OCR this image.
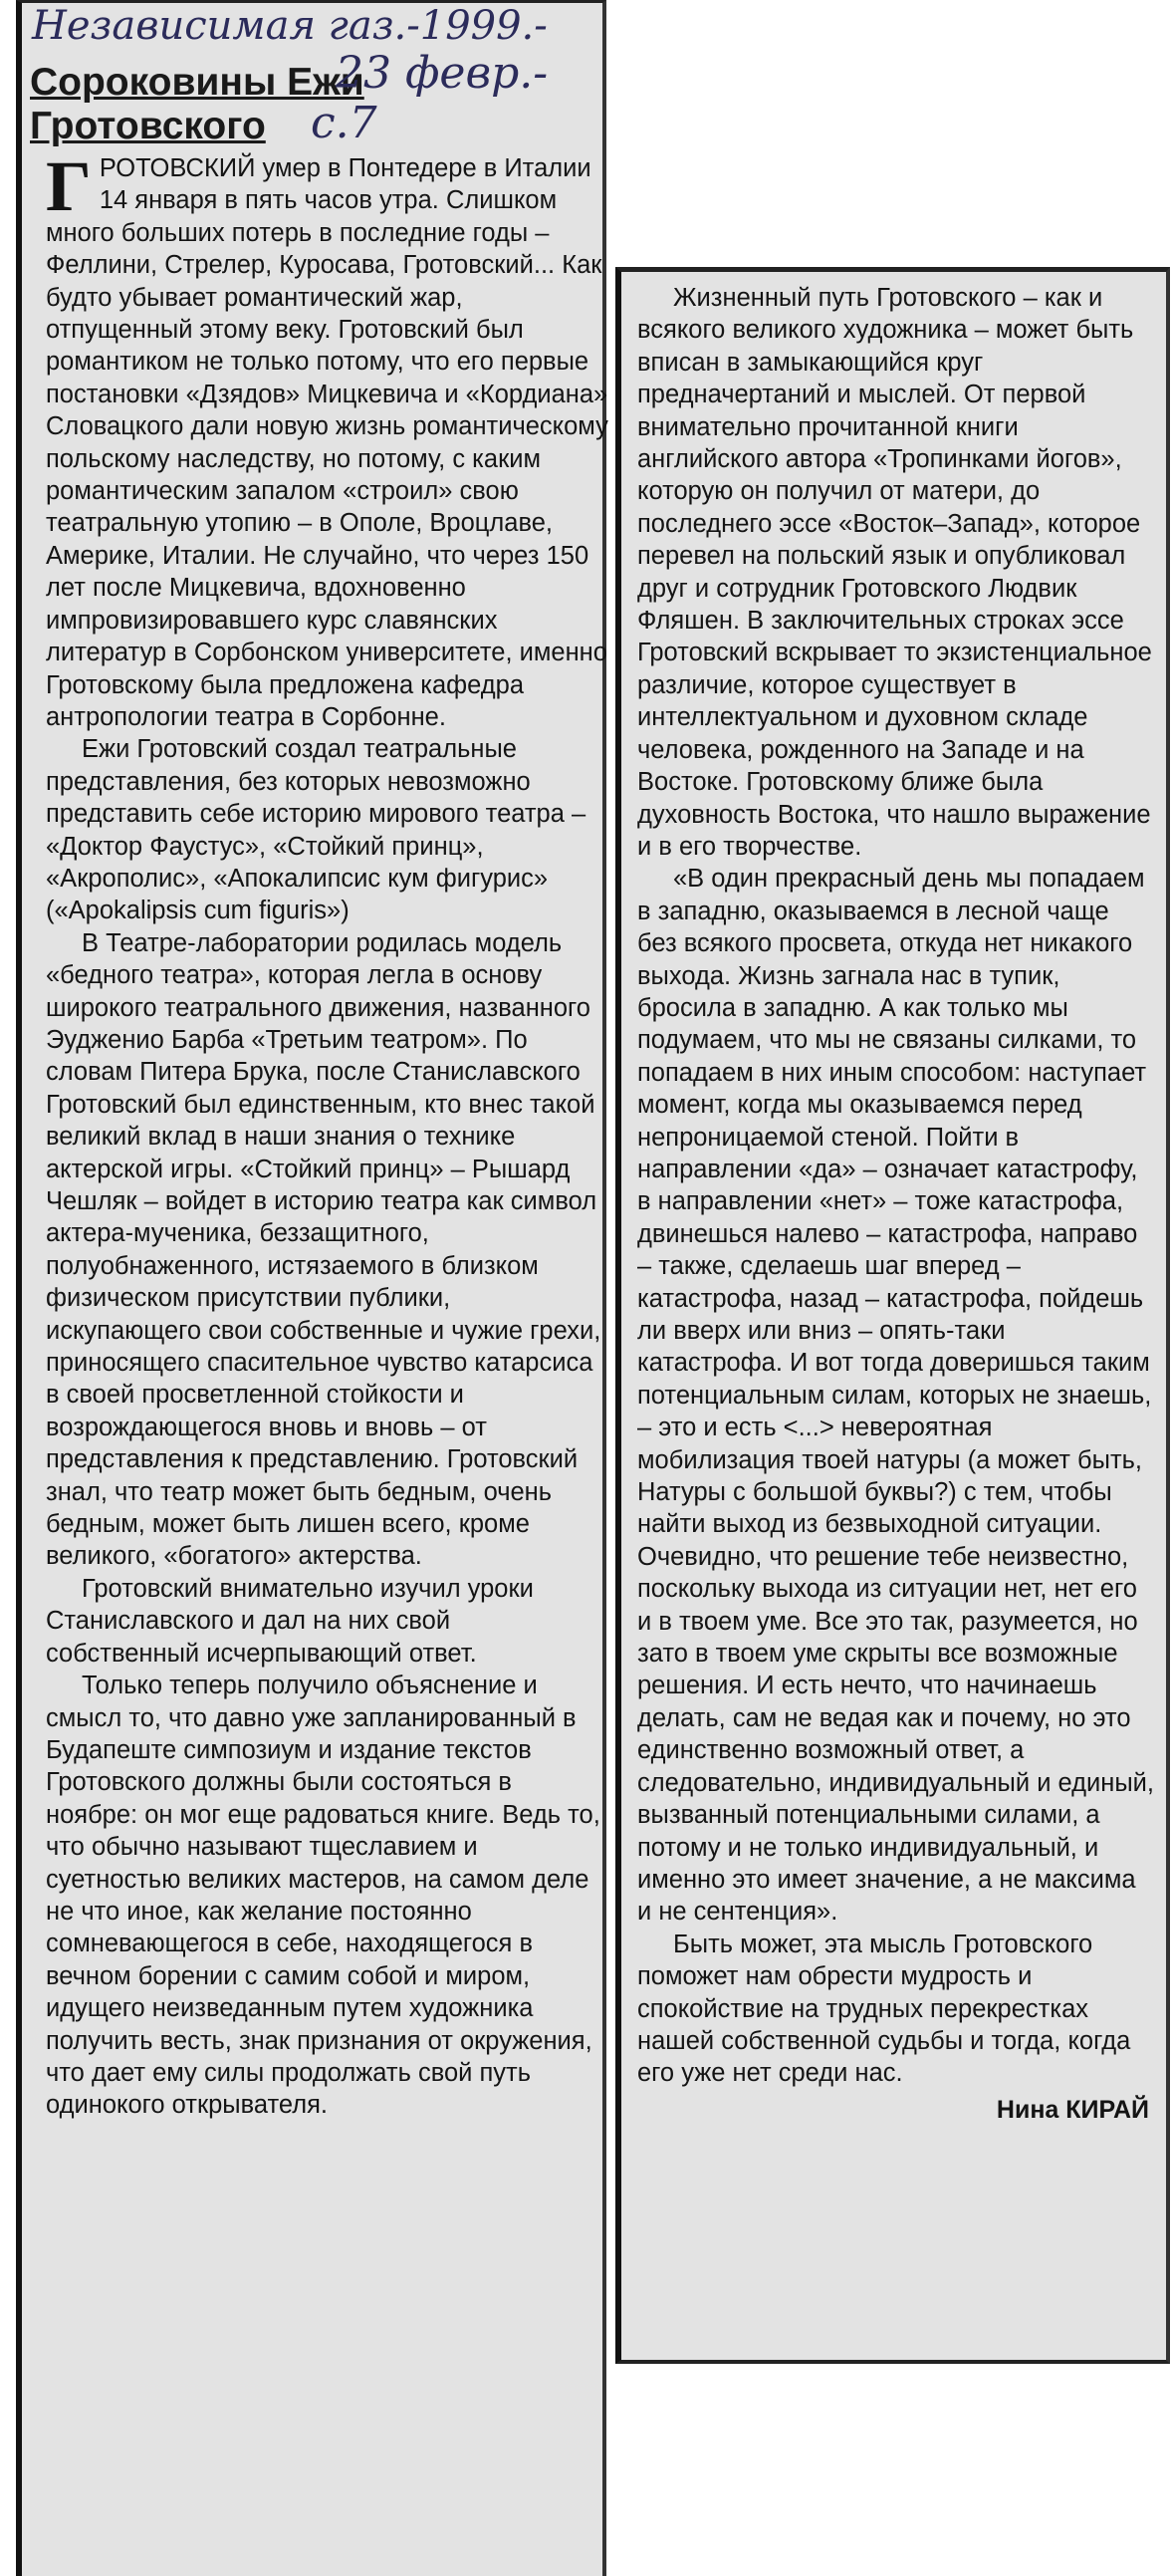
Независимая газ.-1999.-
23 февр.-
с.7
Сороковины Ежи
Гротовского

ГРОТОВСКИЙ умер в Понтедере в Италии 14 января в пять часов утра. Слишком много больших потерь в последние годы – Феллини, Стрелер, Куросава, Гротовский... Как будто убывает романтический жар, отпущенный этому веку. Гротовский был романтиком не только потому, что его первые постановки «Дзядов» Мицкевича и «Кордиана» Словацкого дали новую жизнь романтическому польскому наследству, но потому, с каким романтическим запалом «строил» свою театральную утопию – в Ополе, Вроцлаве, Америке, Италии. Не случайно, что через 150 лет после Мицкевича, вдохновенно импровизировавшего курс славянских литератур в Сорбонском университете, именно Гротовскому была предложена кафедра антропологии театра в Сорбонне.

Ежи Гротовский создал театральные представления, без которых невозможно представить себе историю мирового театра – «Доктор Фаустус», «Стойкий принц», «Акрополис», «Апокалипсис кум фигурис» («Apokalipsis cum figuris»)

В Театре-лаборатории родилась модель «бедного театра», которая легла в основу широкого театрального движения, названного Эудженио Барба «Третьим театром». По словам Питера Брука, после Станиславского Гротовский был единственным, кто внес такой великий вклад в наши знания о технике актерской игры. «Стойкий принц» – Рышард Чешляк – войдет в историю театра как символ актера-мученика, беззащитного, полуобнаженного, истязаемого в близком физическом присутствии публики, искупающего свои собственные и чужие грехи, приносящего спасительное чувство катарсиса в своей просветленной стойкости и возрождающегося вновь и вновь – от представления к представлению. Гротовский знал, что театр может быть бедным, очень бедным, может быть лишен всего, кроме великого, «богатого» актерства.

Гротовский внимательно изучил уроки Станиславского и дал на них свой собственный исчерпывающий ответ.

Только теперь получило объяснение и смысл то, что давно уже запланированный в Будапеште симпозиум и издание текстов Гротовского должны были состояться в ноябре: он мог еще радоваться книге. Ведь то, что обычно называют тщеславием и суетностью великих мастеров, на самом деле не что иное, как желание постоянно сомневающегося в себе, находящегося в вечном борении с самим собой и миром, идущего неизведанным путем художника получить весть, знак признания от окружения, что дает ему силы продолжать свой путь одинокого открывателя.

Жизненный путь Гротовского – как и всякого великого художника – может быть вписан в замыкающийся круг предначертаний и мыслей. От первой внимательно прочитанной книги английского автора «Тропинками йогов», которую он получил от матери, до последнего эссе «Восток–Запад», которое перевел на польский язык и опубликовал друг и сотрудник Гротовского Людвик Фляшен. В заключительных строках эссе Гротовский вскрывает то экзистенциальное различие, которое существует в интеллектуальном и духовном складе человека, рожденного на Западе и на Востоке. Гротовскому ближе была духовность Востока, что нашло выражение и в его творчестве.

«В один прекрасный день мы попадаем в западню, оказываемся в лесной чаще без всякого просвета, откуда нет никакого выхода. Жизнь загнала нас в тупик, бросила в западню. А как только мы подумаем, что мы не связаны силками, то попадаем в них иным способом: наступает момент, когда мы оказываемся перед непроницаемой стеной. Пойти в направлении «да» – означает катастрофу, в направлении «нет» – тоже катастрофа, двинешься налево – катастрофа, направо – также, сделаешь шаг вперед – катастрофа, назад – катастрофа, пойдешь ли вверх или вниз – опять-таки катастрофа. И вот тогда доверишься таким потенциальным силам, которых не знаешь, – это и есть <...> невероятная мобилизация твоей натуры (а может быть, Натуры с большой буквы?) с тем, чтобы найти выход из безвыходной ситуации. Очевидно, что решение тебе неизвестно, поскольку выхода из ситуации нет, нет его и в твоем уме. Все это так, разумеется, но зато в твоем уме скрыты все возможные решения. И есть нечто, что начинаешь делать, сам не ведая как и почему, но это единственно возможный ответ, а следовательно, индивидуальный и единый, вызванный потенциальными силами, а потому и не только индивидуальный, и именно это имеет значение, а не максима и не сентенция».

Быть может, эта мысль Гротовского поможет нам обрести мудрость и спокойствие на трудных перекрестках нашей собственной судьбы и тогда, когда его уже нет среди нас.

Нина КИРАЙ
